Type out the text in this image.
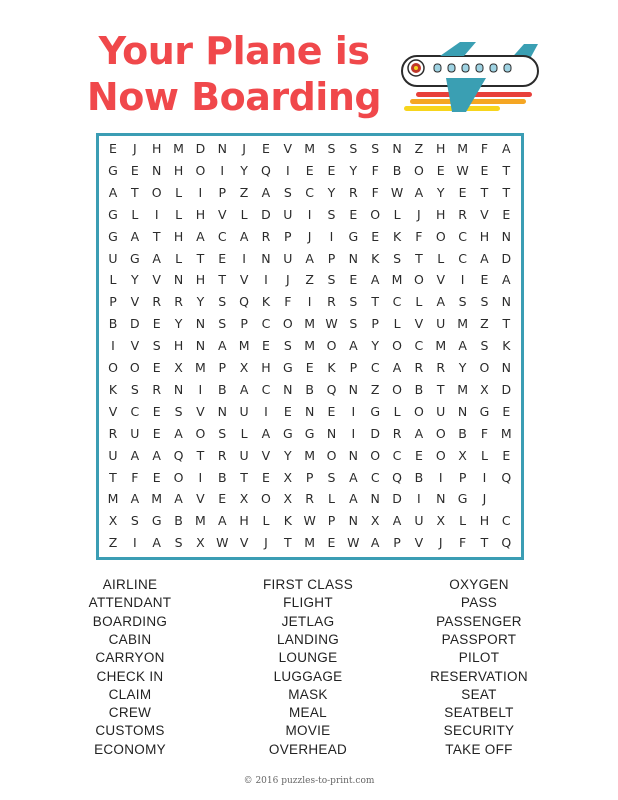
Your Plane is
Now Boarding
E	J	H M D N	J	E	V M	S	S	S	N	Z	H M	F	A
G	E	N H O	I	Y	Q	I	E	E	Y	F	B	O	E W E	T
A	T	O	L	I	P	Z	A	S	C	Y	R	F W A	Y	E	T	T
G	L	I	L	H	V	L	D U	I	S	E	O	L	J	H	R	V	E
G	A	T	H	A	C	A	R	P	J	I	G	E	K	F	O	C	H N
U G	A	L	T	E	I	N	U	A	P	N	K	S	T	L	C	A	D
L	Y	V	N H	T	V	I	J	Z	S	E	A M O	V	I	E	A
P	V	R	R	Y	S	Q	K	F	I	R	S	T	C	L	A	S	S	N
B	D	E	Y	N	S	P	C	O M W S	P	L	V	U M Z	T
I	V	S	H N	A M	E	S M O	A	Y	O	C M A	S	K
O O	E	X M	P	X	H G	E	K	P	C	A	R	R	Y	O N
K	S	R	N	I	B	A	C	N	B	Q N	Z	O	B	T	M X	D
V	C	E	S	V	N	U	I	E	N	E	I	G	L	O U	N G	E
R	U	E	A	O	S	L	A	G G N	I	D	R	A	O	B	F	M
U	A	A	Q	T	R	U	V	Y	M O N O	C	E	O	X	L	E
T	F	E	O	I	B	T	E	X	P	S	A	C	Q	B	I	P	I	Q
M A M A	V	E	X	O	X	R	L	A	N D	I	N G	J
X	S	G	B M A	H	L	K W P	N	X	A	U	X	L	H	C
Z	I	A	S	X W V	J	T	M	E W A	P	V	J	F	T	Q
AIRLINE
ATTENDANT
BOARDING
CABIN
CARRYON
CHECK IN
CLAIM
CREW
CUSTOMS
ECONOMY
FIRST CLASS
FLIGHT
JETLAG
LANDING
LOUNGE
LUGGAGE
MASK
MEAL
MOVIE
OVERHEAD
OXYGEN
PASS
PASSENGER
PASSPORT
PILOT
RESERVATION
SEAT
SEATBELT
SECURITY
TAKE OFF
© 2016 puzzles-to-print.com
